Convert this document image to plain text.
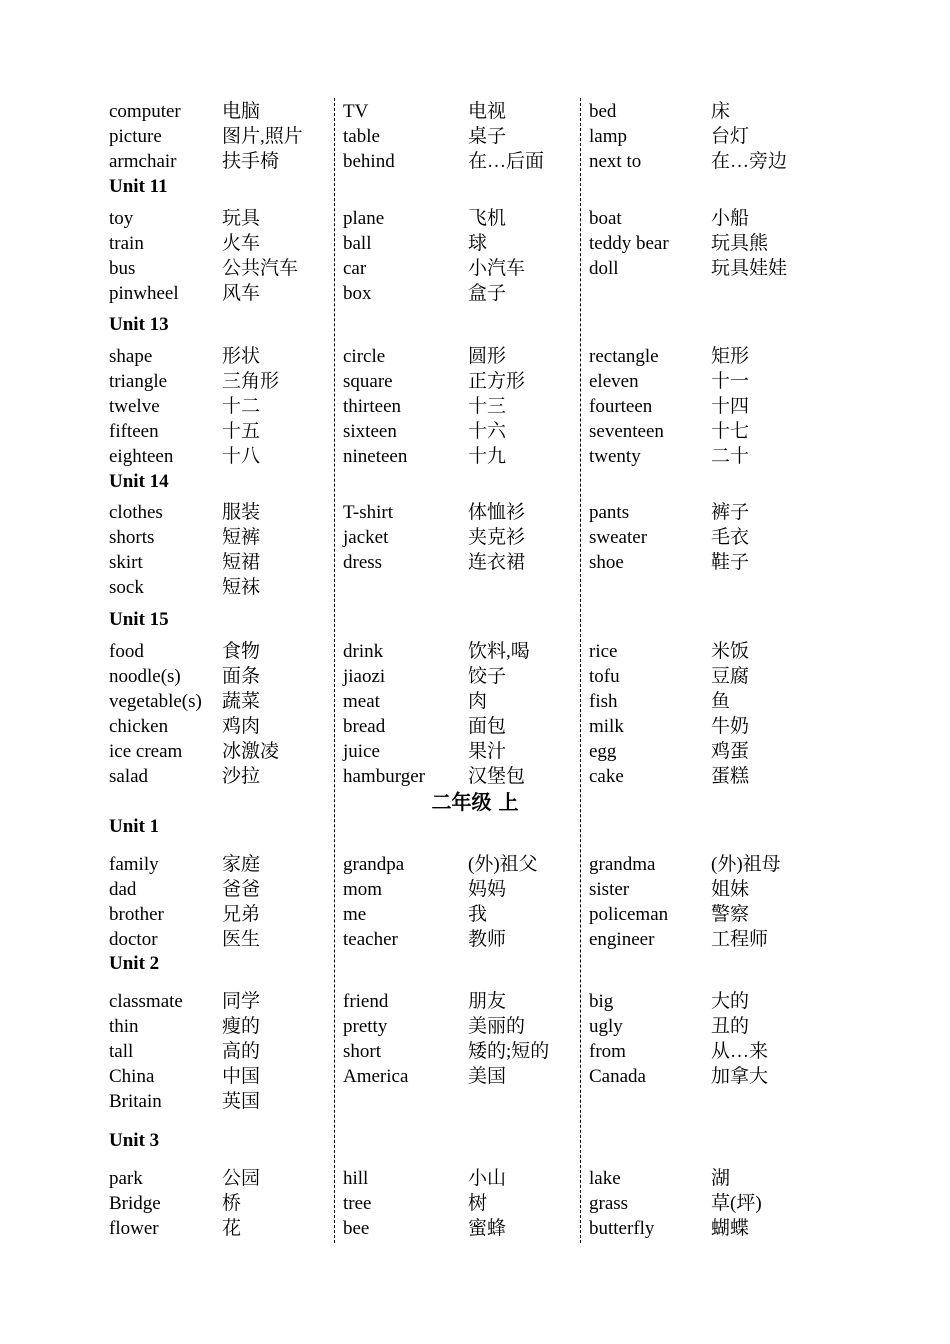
computer 电脑	TV	电视	bed	床
picture	图片,照片 table	桌子	lamp	台灯
armchair 扶手椅	behind	在…后面 next to	在…旁边
Unit 11
toy	玩具	plane	飞机	boat	小船
train	火车	ball	球	teddy bear 玩具熊
bus	公共汽车 car	小汽车	doll	玩具娃娃
pinwheel 风车	box	盒子
Unit 13
shape	形状	circle	圆形	rectangle	矩形
triangle	三角形	square	正方形	eleven	十一
twelve	十二	thirteen	十三	fourteen	十四
fifteen	十五	sixteen	十六	seventeen 十七
eighteen	十八	nineteen	十九	twenty	二十
Unit 14
clothes	服装	T-shirt	体恤衫	pants	裤子
shorts	短裤	jacket	夹克衫	sweater	毛衣
skirt	短裙	dress	连衣裙	shoe	鞋子
sock	短袜
Unit 15
food	食物	drink	饮料,喝	rice	米饭
noodle(s) 面条	jiaozi	饺子	tofu	豆腐
vegetable(s) 蔬菜	meat	肉	fish	鱼
chicken	鸡肉	bread	面包	milk	牛奶
ice cream 冰激凌	juice	果汁	egg	鸡蛋
salad	沙拉	hamburger 汉堡包	cake	蛋糕
Unit 1
family	家庭	grandpa	(外)祖父	grandma	(外)祖母
dad	爸爸	mom	妈妈	sister	姐妹
brother	兄弟	me	我	policeman 警察
doctor	医生	teacher	教师	engineer	工程师
Unit 2
classmate 同学	friend	朋友	big	大的
thin	瘦的	pretty	美丽的	ugly	丑的
tall	高的	short	矮的;短的 from	从…来
China	中国	America	美国	Canada	加拿大
Britain	英国
Unit 3
park	公园	hill	小山	lake	湖
Bridge	桥	tree	树	grass	草(坪)
flower	花	bee	蜜蜂	butterfly	蝴蝶
二年级 上
